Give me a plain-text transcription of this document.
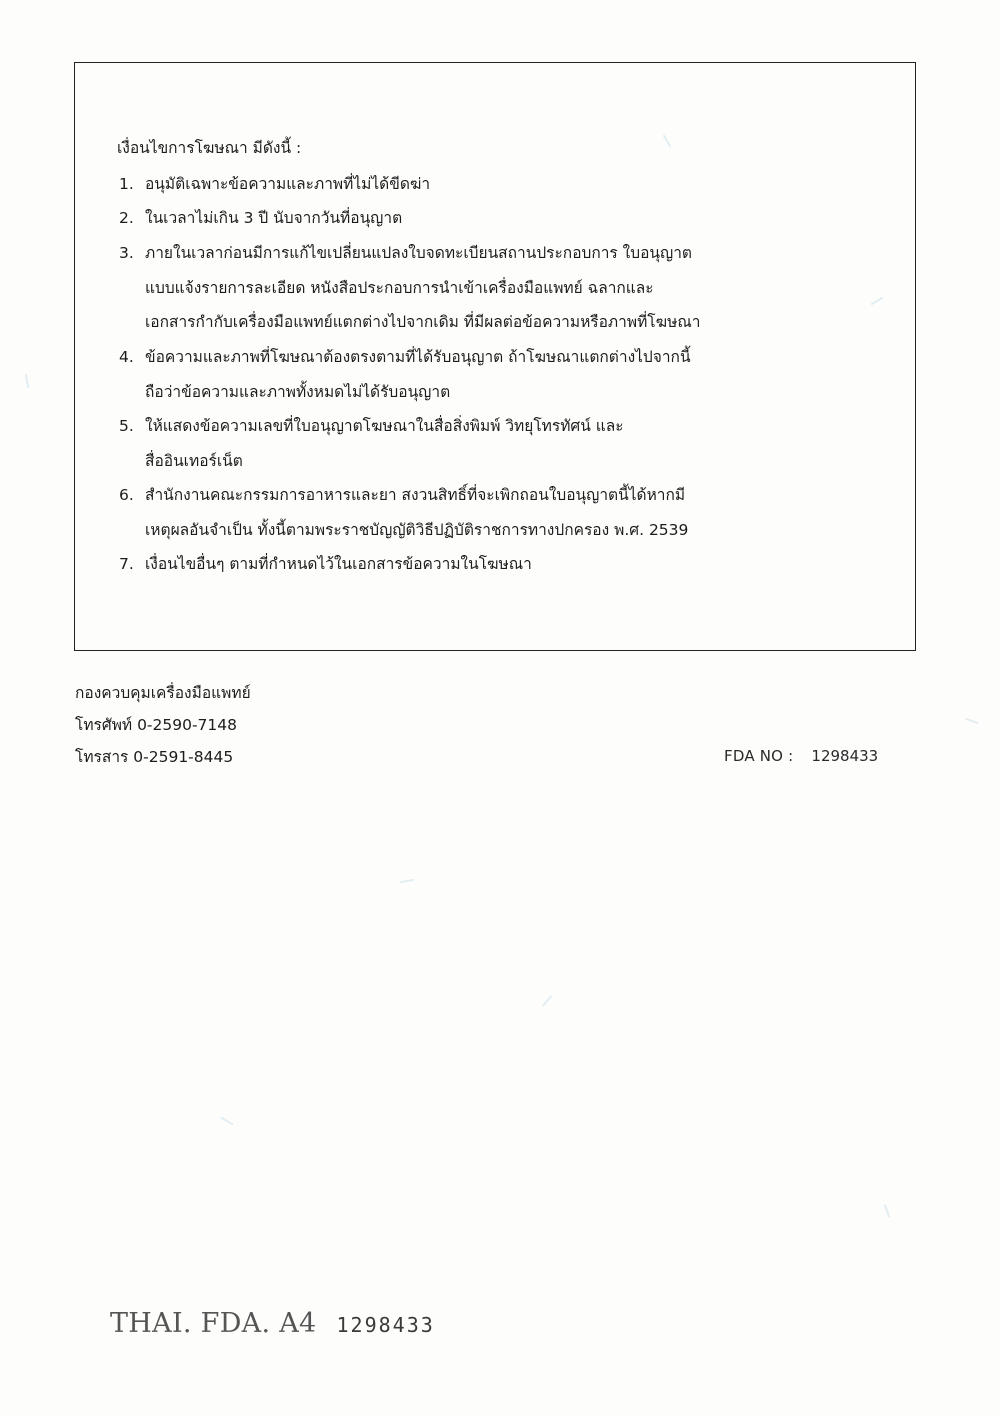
เงื่อนไขการโฆษณา มีดังนี้ :

1. อนุมัติเฉพาะข้อความและภาพที่ไม่ได้ขีดฆ่า
2. ในเวลาไม่เกิน 3 ปี นับจากวันที่อนุญาต
3. ภายในเวลาก่อนมีการแก้ไขเปลี่ยนแปลงใบจดทะเบียนสถานประกอบการ ใบอนุญาต
แบบแจ้งรายการละเอียด หนังสือประกอบการนำเข้าเครื่องมือแพทย์ ฉลากและ
เอกสารกำกับเครื่องมือแพทย์แตกต่างไปจากเดิม ที่มีผลต่อข้อความหรือภาพที่โฆษณา
4. ข้อความและภาพที่โฆษณาต้องตรงตามที่ได้รับอนุญาต ถ้าโฆษณาแตกต่างไปจากนี้
ถือว่าข้อความและภาพทั้งหมดไม่ได้รับอนุญาต
5. ให้แสดงข้อความเลขที่ใบอนุญาตโฆษณาในสื่อสิ่งพิมพ์ วิทยุโทรทัศน์ และ
สื่ออินเทอร์เน็ต
6. สำนักงานคณะกรรมการอาหารและยา สงวนสิทธิ์ที่จะเพิกถอนใบอนุญาตนี้ได้หากมี
เหตุผลอันจำเป็น ทั้งนี้ตามพระราชบัญญัติวิธีปฏิบัติราชการทางปกครอง พ.ศ. 2539
7. เงื่อนไขอื่นๆ ตามที่กำหนดไว้ในเอกสารข้อความในโฆษณา
กองควบคุมเครื่องมือแพทย์
โทรศัพท์ 0-2590-7148
โทรสาร 0-2591-8445	FDA NO : 1298433
THAI. FDA. A4 1298433
